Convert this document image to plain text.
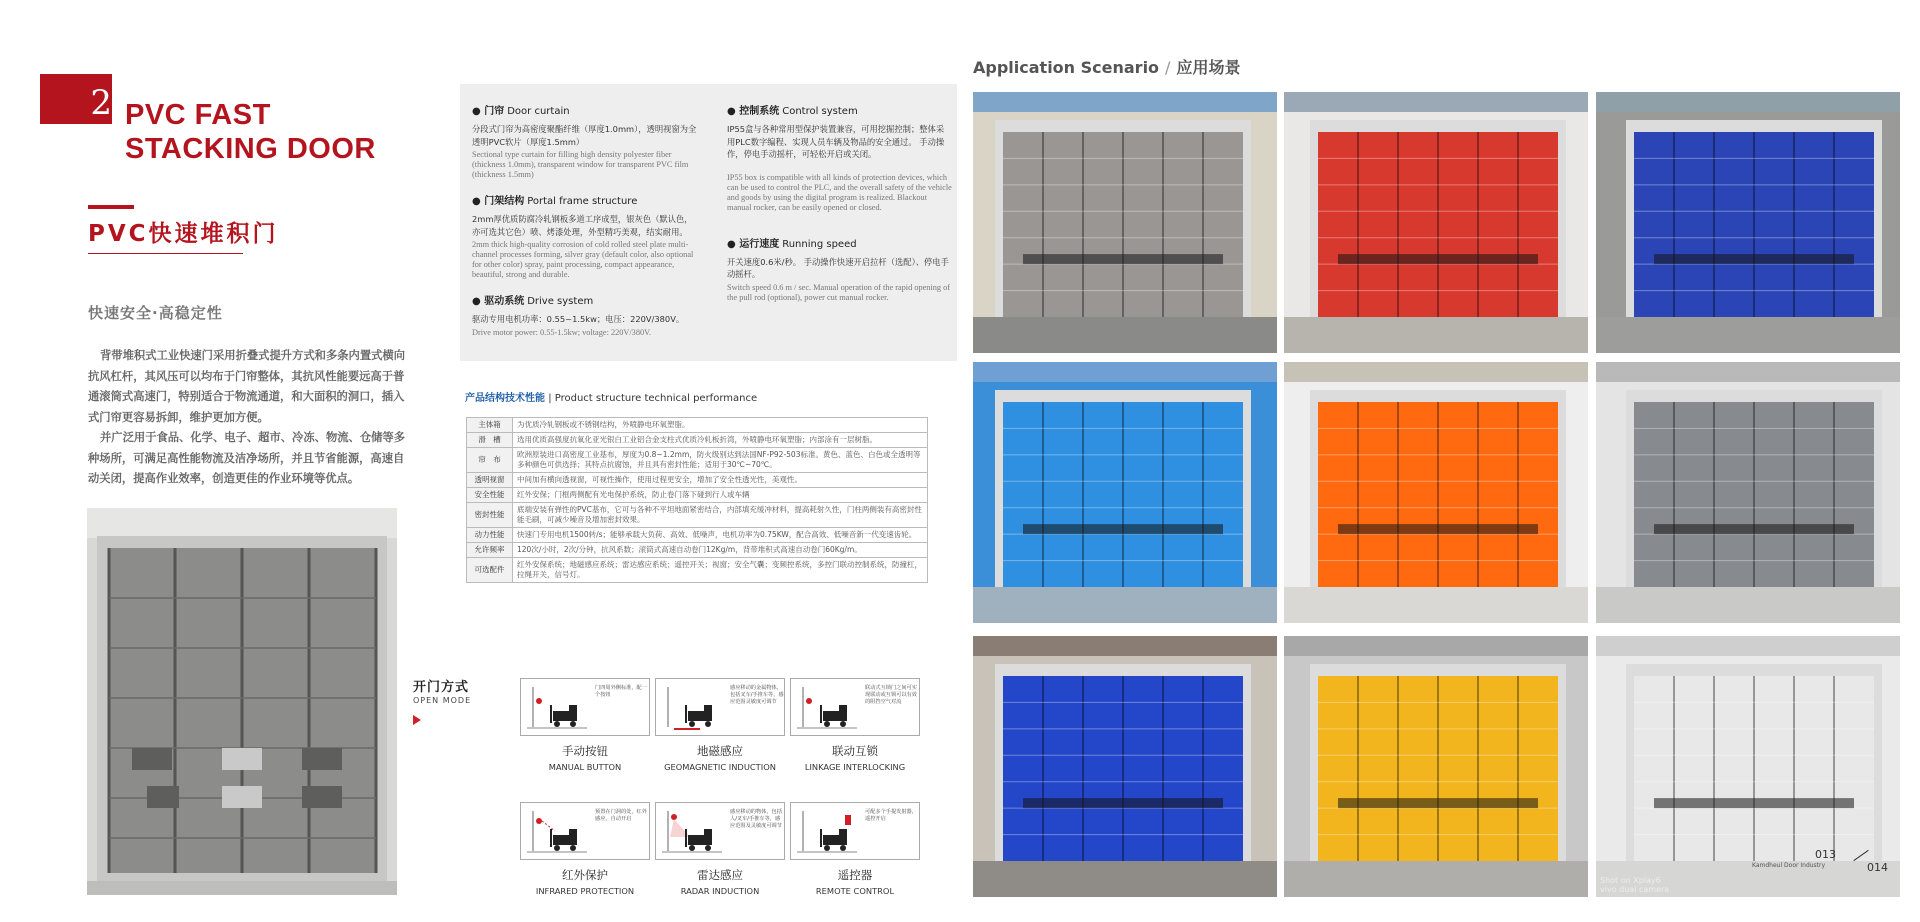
2 PVC FAST STACKING DOOR
PVC快速堆积门
快速安全·高稳定性

背带堆积式工业快速门采用折叠式提升方式和多条内置式横向抗风杠杆，其风压可以均布于门帘整体，其抗风性能要远高于普通滚筒式高速门，特别适合于物流通道，和大面积的洞口，插入式门帘更容易拆卸，维护更加方便。

并广泛用于食品、化学、电子、超市、冷冻、物流、仓储等多种场所，可满足高性能物流及洁净场所，并且节省能源，高速自动关闭，提高作业效率，创造更佳的作业环境等优点。

● 门帘 Door curtain
分段式门帘为高密度聚酯纤维（厚度1.0mm），透明视窗为全透明PVC软片（厚度1.5mm）
Sectional type curtain for filling high density polyester fiber (thickness 1.0mm), transparent window for transparent PVC film (thickness 1.5mm)
● 门架结构 Portal frame structure
2mm厚优质防腐冷轧钢板多道工序成型，银灰色（默认色，亦可选其它色）喷、烤漆处理，外型精巧美观，结实耐用。
2mm thick high-quality corrosion of cold rolled steel plate multi-channel processes forming, silver gray (default color, also optional for other color) spray, paint processing, compact appearance, beautiful, strong and durable.
● 驱动系统 Drive system
驱动专用电机功率：0.55~1.5kw；电压：220V/380V。
Drive motor power: 0.55-1.5kw; voltage: 220V/380V.
● 控制系统 Control system
IP55盒与各种常用型保护装置兼容，可用挖掘控制；整体采用PLC数字编程、实现人员车辆及物品的安全通过。 手动操作，停电手动摇杆，可轻松开启或关闭。
IP55 box is compatible with all kinds of protection devices, which can be used to control the PLC, and the overall safety of the vehicle and goods by using the digital program is realized. Blackout manual rocker, can be easily opened or closed.
● 运行速度 Running speed
开关速度0.6米/秒。 手动操作快速开启拉杆（选配）、停电手动摇杆。
Switch speed 0.6 m / sec. Manual operation of the rapid opening of the pull rod (optional), power cut manual rocker.
产品结构技术性能 | Product structure technical performance
主体箱	为优质冷轧钢板或不锈钢结构，外喷静电环氧塑脂。
滑　槽	选用优质高强度抗氧化亚光银白工业铝合金支柱式优质冷轧板折湾，外喷静电环氧塑脂；内部涂有一层树脂。
帘　布	欧洲原装进口高密度工业基布，厚度为0.8~1.2mm，防火级别达到法国NF-P92-503标准。黄色、蓝色、白色或全透明等多种颜色可供选择；其特点抗腐蚀，并且具有密封性能；适用于30℃~70℃。
透明视窗	中间加有横向透视窗，可视性操作，使用过程更安全，增加了安全性透光性，美观性。
安全性能	红外安保；门框两侧配有光电保护系统，防止卷门落下碰到行人或车辆
密封性能	底端安装有弹性的PVC基布，它可与各种不平坦地面紧密结合，内部填充缓冲材料，提高耗射久性，门柱两侧装有高密封性能毛刷，可减少噪音及增加密封效果。
动力性能	快速门专用电机1500转/s；能够承载大负荷、高效、低噪声，电机功率为0.75KW，配合高效、低噪音新一代变速齿轮。
允许频率	120次/小时，2次/分钟，抗风系数；滚筒式高速自动卷门12Kg/m，背带堆积式高速自动卷门60Kg/m。
可选配件	红外安保系统；地磁感应系统；雷达感应系统；遥控开关；视窗；安全气囊；变频控系统，多控门联动控制系统，防撞杠，拉绳开关，信号灯。
开门方式
OPEN MODE
门四周外侧标准，配一个按钮
手动按钮
MANUAL BUTTON
感应移动的金属物体，包括叉车/手推车等，感应范围灵敏度可调节
地磁感应
GEOMAGNETIC INDUCTION
联动式互锁门之间可实现联动或互锁可以有效的阻挡空气对流
联动互锁
LINKAGE INTERLOCKING
预置在门洞的处，红外感应，自动开启
红外保护
INFRARED PROTECTION
感应移动的物体，包括人/叉车/手推车等，感应范围及灵敏度可调节
雷达感应
RADAR INDUCTION
可配多个手提发射器，遥控开启
遥控器
REMOTE CONTROL
Application Scenario / 应用场景
Kamdheul Door Industry
013
014
Shot on Xplay6
vivo dual camera
